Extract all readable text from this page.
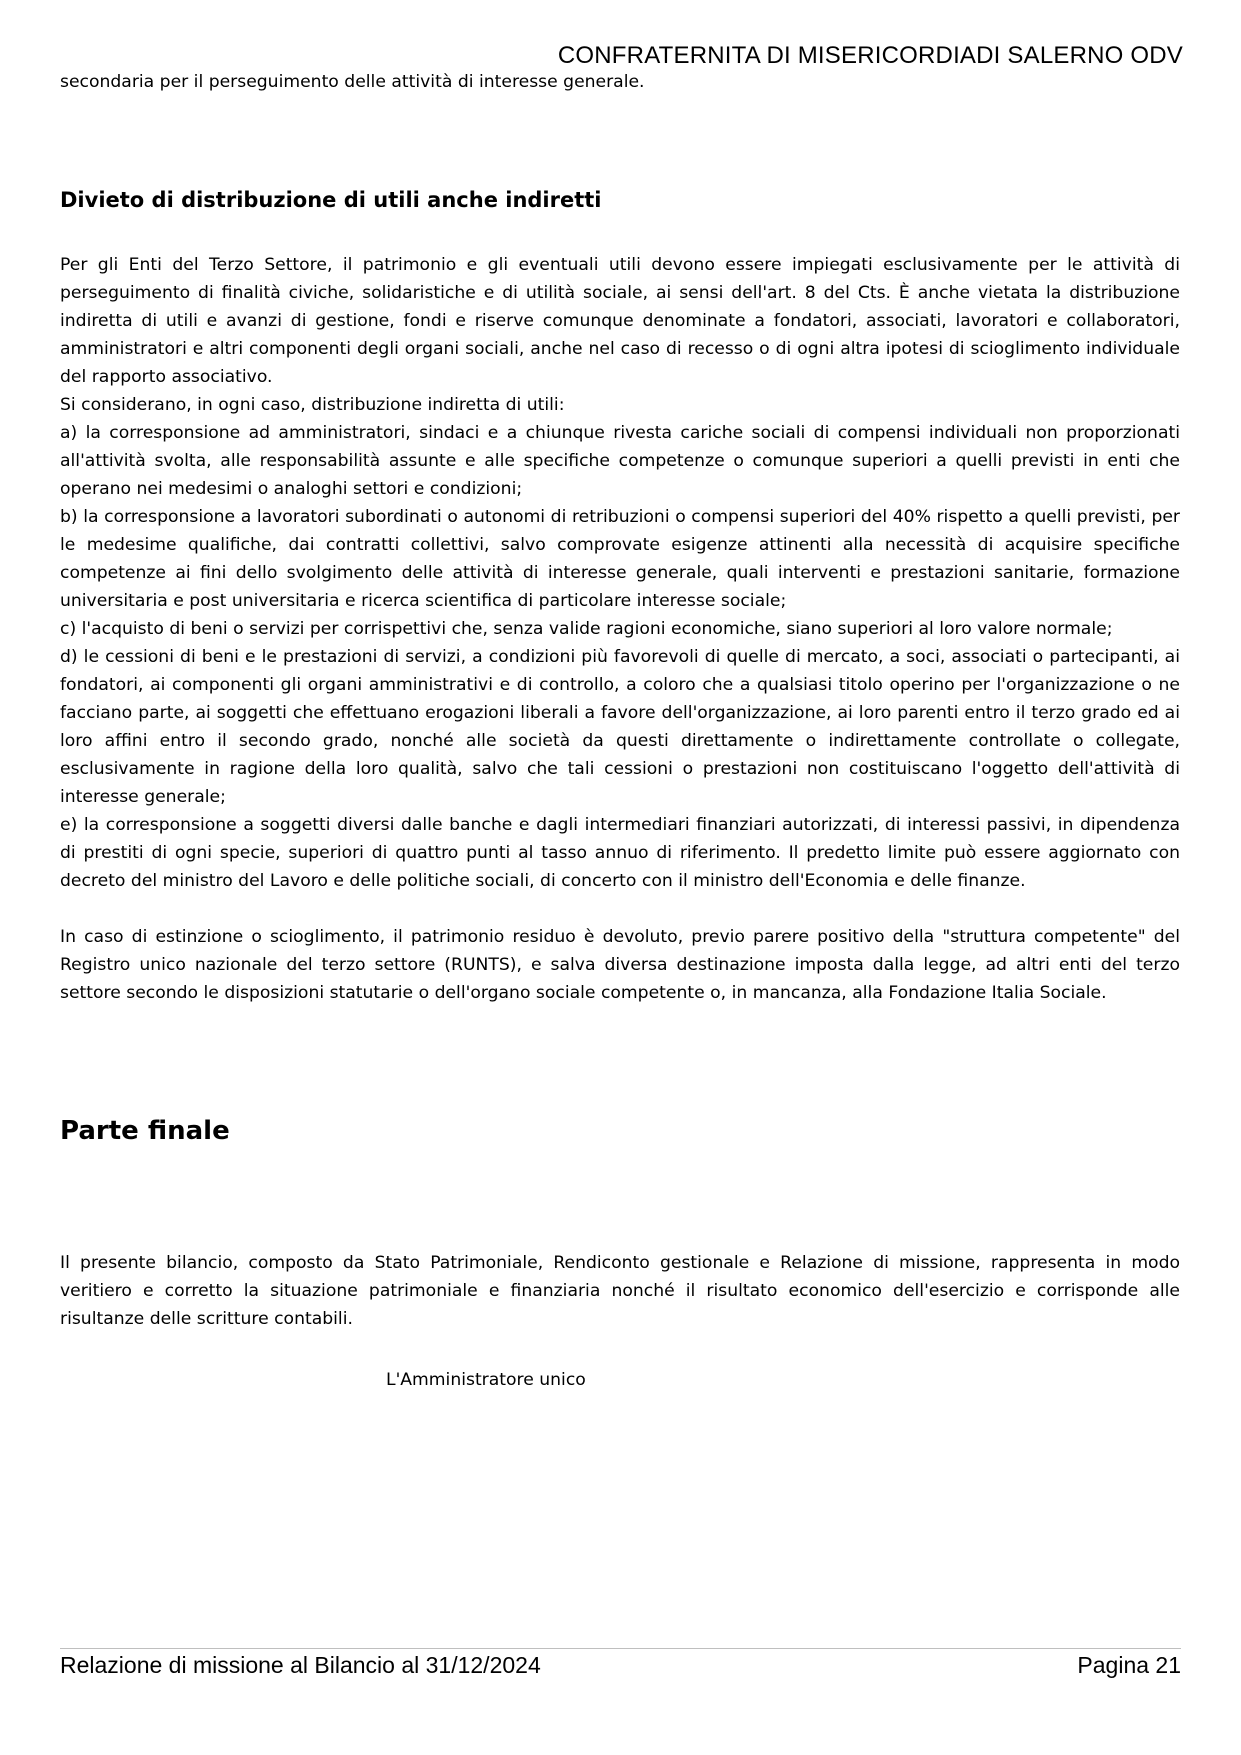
CONFRATERNITA DI MISERICORDIADI SALERNO ODV

secondaria per il perseguimento delle attività di interesse generale.

Divieto di distribuzione di utili anche indiretti

Per gli Enti del Terzo Settore, il patrimonio e gli eventuali utili devono essere impiegati esclusivamente per le attività di perseguimento di finalità civiche, solidaristiche e di utilità sociale, ai sensi dell'art. 8 del Cts. È anche vietata la distribuzione indiretta di utili e avanzi di gestione, fondi e riserve comunque denominate a fondatori, associati, lavoratori e collaboratori, amministratori e altri componenti degli organi sociali, anche nel caso di recesso o di ogni altra ipotesi di scioglimento individuale del rapporto associativo.

Si considerano, in ogni caso, distribuzione indiretta di utili:

a) la corresponsione ad amministratori, sindaci e a chiunque rivesta cariche sociali di compensi individuali non proporzionati all'attività svolta, alle responsabilità assunte e alle specifiche competenze o comunque superiori a quelli previsti in enti che operano nei medesimi o analoghi settori e condizioni;

b) la corresponsione a lavoratori subordinati o autonomi di retribuzioni o compensi superiori del 40% rispetto a quelli previsti, per le medesime qualifiche, dai contratti collettivi, salvo comprovate esigenze attinenti alla necessità di acquisire specifiche competenze ai fini dello svolgimento delle attività di interesse generale, quali interventi e prestazioni sanitarie, formazione universitaria e post universitaria e ricerca scientifica di particolare interesse sociale;

c) l'acquisto di beni o servizi per corrispettivi che, senza valide ragioni economiche, siano superiori al loro valore normale;

d) le cessioni di beni e le prestazioni di servizi, a condizioni più favorevoli di quelle di mercato, a soci, associati o partecipanti, ai fondatori, ai componenti gli organi amministrativi e di controllo, a coloro che a qualsiasi titolo operino per l'organizzazione o ne facciano parte, ai soggetti che effettuano erogazioni liberali a favore dell'organizzazione, ai loro parenti entro il terzo grado ed ai loro affini entro il secondo grado, nonché alle società da questi direttamente o indirettamente controllate o collegate, esclusivamente in ragione della loro qualità, salvo che tali cessioni o prestazioni non costituiscano l'oggetto dell'attività di interesse generale;

e) la corresponsione a soggetti diversi dalle banche e dagli intermediari finanziari autorizzati, di interessi passivi, in dipendenza di prestiti di ogni specie, superiori di quattro punti al tasso annuo di riferimento. Il predetto limite può essere aggiornato con decreto del ministro del Lavoro e delle politiche sociali, di concerto con il ministro dell'Economia e delle finanze.

In caso di estinzione o scioglimento, il patrimonio residuo è devoluto, previo parere positivo della "struttura competente" del Registro unico nazionale del terzo settore (RUNTS), e salva diversa destinazione imposta dalla legge, ad altri enti del terzo settore secondo le disposizioni statutarie o dell'organo sociale competente o, in mancanza, alla Fondazione Italia Sociale.

Parte finale

Il presente bilancio, composto da Stato Patrimoniale, Rendiconto gestionale e Relazione di missione, rappresenta in modo veritiero e corretto la situazione patrimoniale e finanziaria nonché il risultato economico dell'esercizio e corrisponde alle risultanze delle scritture contabili.

L'Amministratore unico
Relazione di missione al Bilancio al 31/12/2024	Pagina 21
